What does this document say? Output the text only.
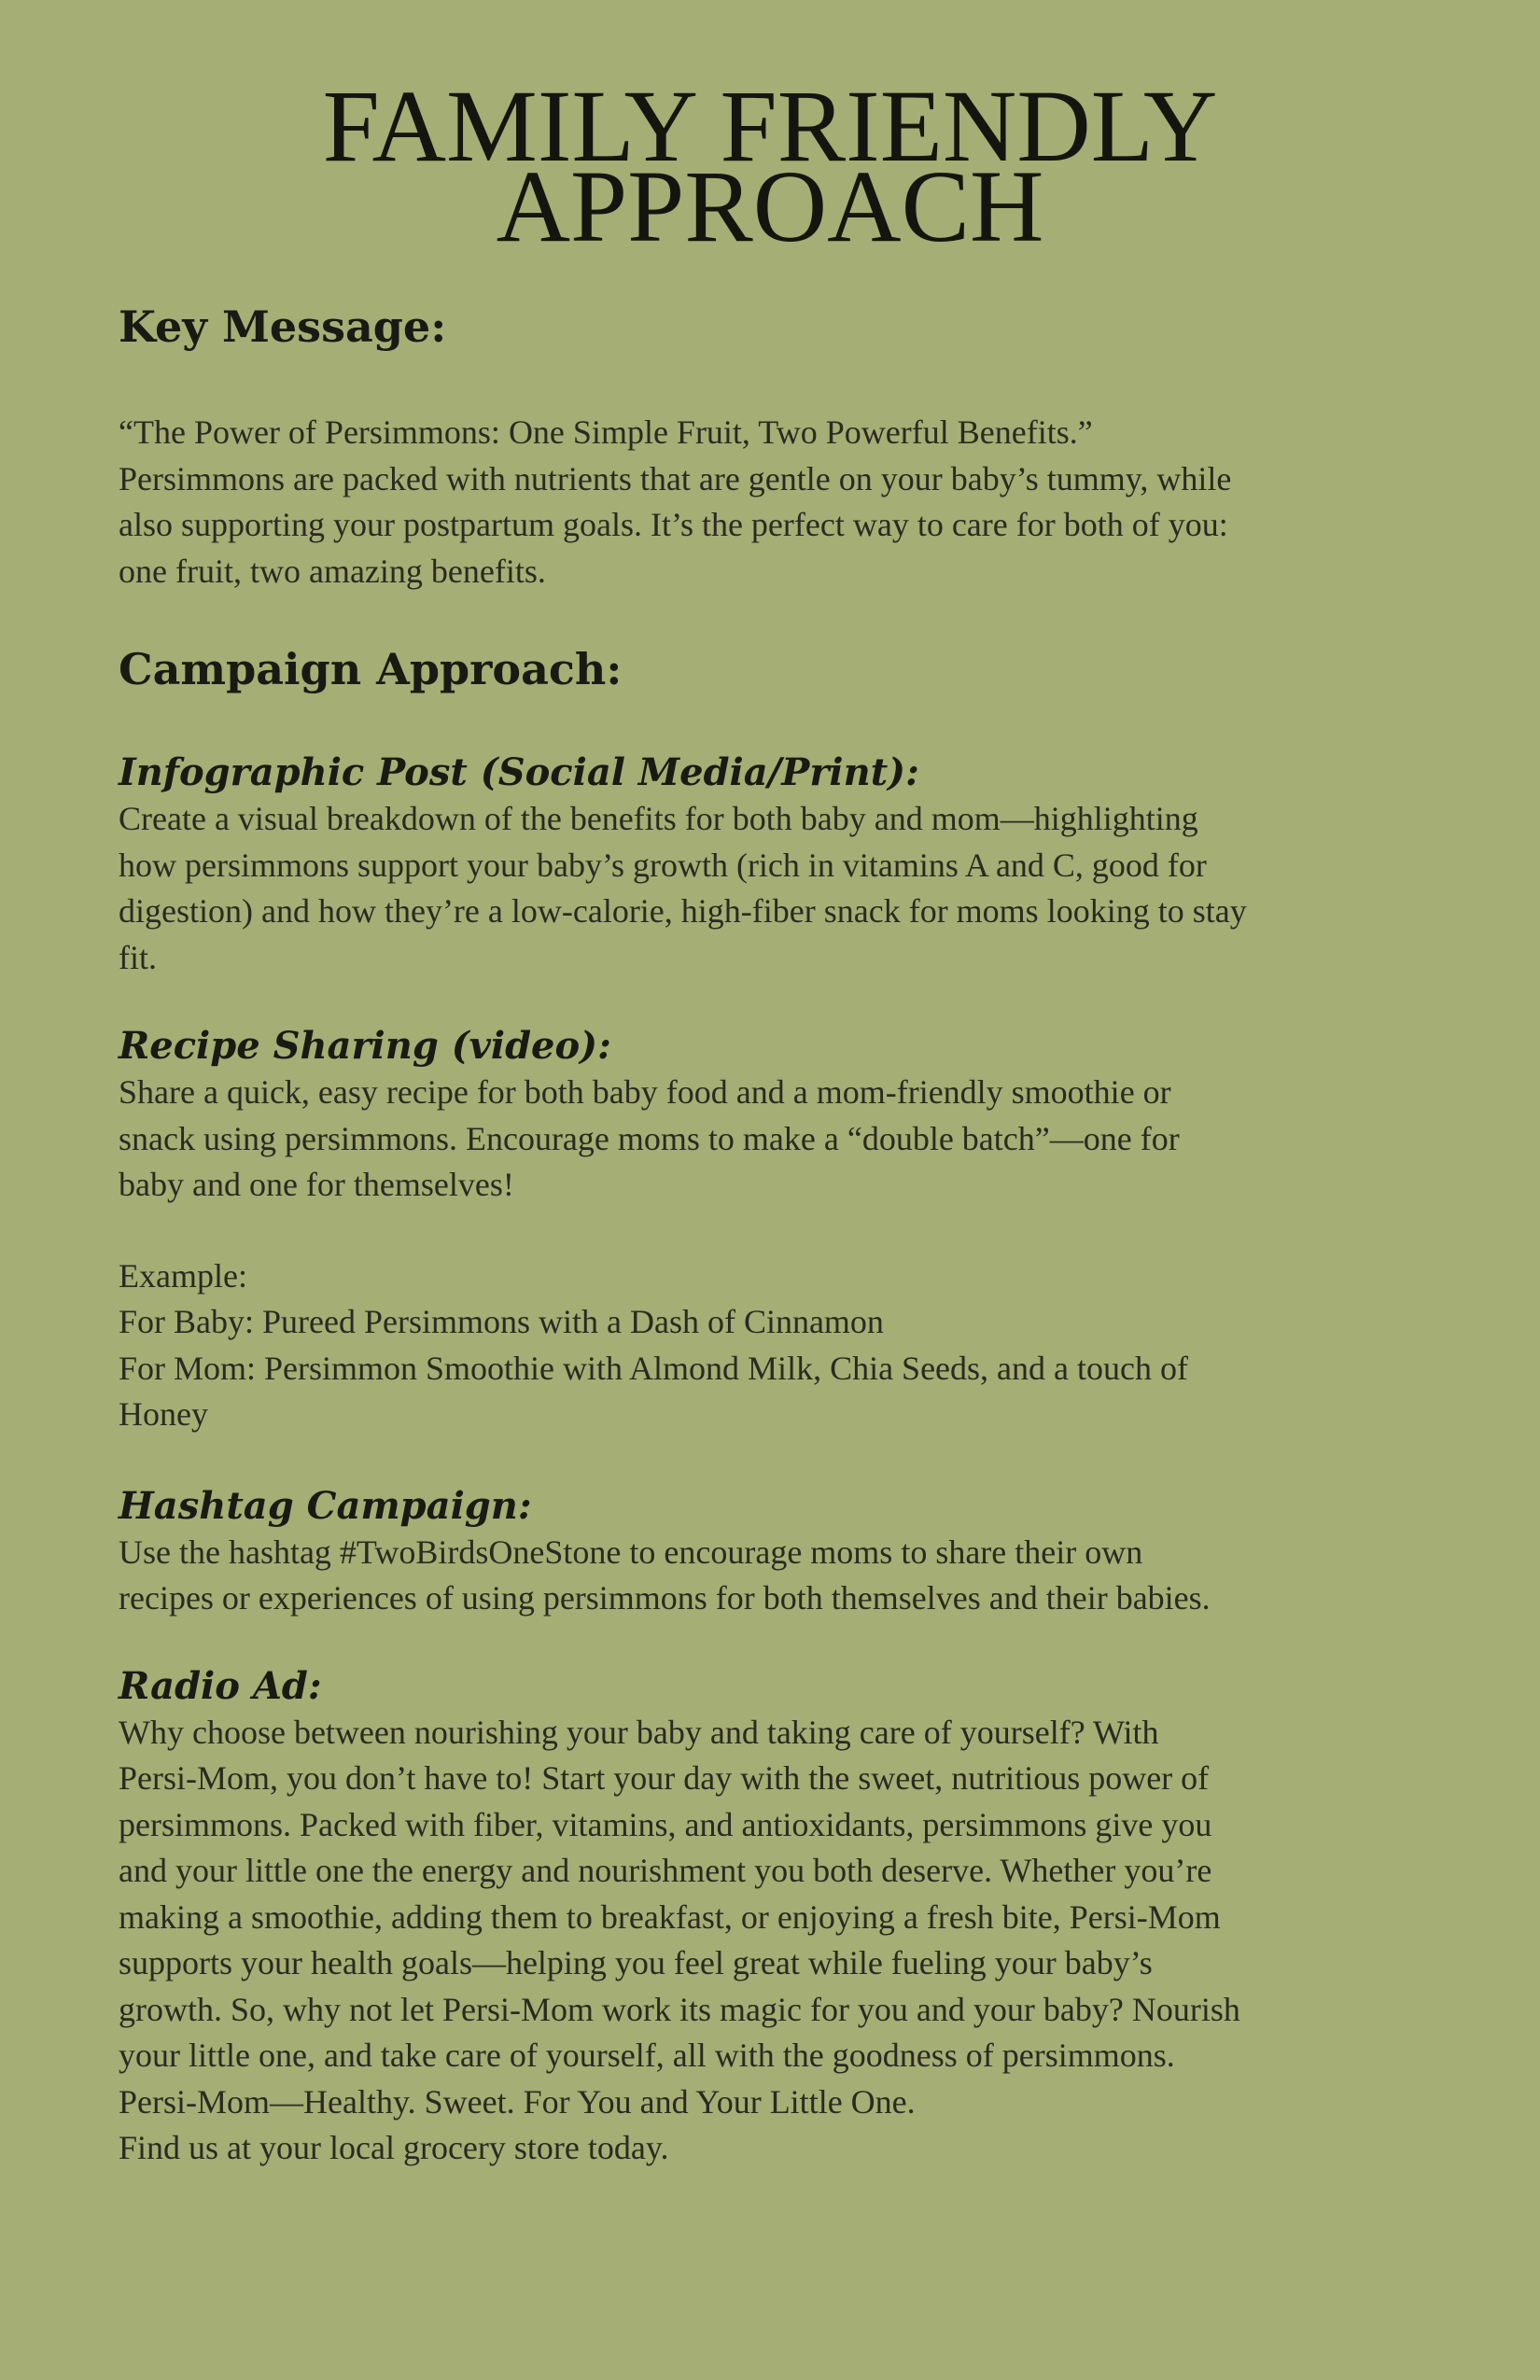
FAMILY FRIENDLY
APPROACH
Key Message:

“The Power of Persimmons: One Simple Fruit, Two Powerful Benefits.”
Persimmons are packed with nutrients that are gentle on your baby’s tummy, while
also supporting your postpartum goals. It’s the perfect way to care for both of you:
one fruit, two amazing benefits.

Campaign Approach:
Infographic Post (Social Media/Print):

Create a visual breakdown of the benefits for both baby and mom—highlighting
how persimmons support your baby’s growth (rich in vitamins A and C, good for
digestion) and how they’re a low-calorie, high-fiber snack for moms looking to stay
fit.

Recipe Sharing (video):

Share a quick, easy recipe for both baby food and a mom-friendly smoothie or
snack using persimmons. Encourage moms to make a “double batch”—one for
baby and one for themselves!

Example:
For Baby: Pureed Persimmons with a Dash of Cinnamon
For Mom: Persimmon Smoothie with Almond Milk, Chia Seeds, and a touch of
Honey

Hashtag Campaign:

Use the hashtag #TwoBirdsOneStone to encourage moms to share their own
recipes or experiences of using persimmons for both themselves and their babies.

Radio Ad:

Why choose between nourishing your baby and taking care of yourself? With
Persi-Mom, you don’t have to! Start your day with the sweet, nutritious power of
persimmons. Packed with fiber, vitamins, and antioxidants, persimmons give you
and your little one the energy and nourishment you both deserve. Whether you’re
making a smoothie, adding them to breakfast, or enjoying a fresh bite, Persi-Mom
supports your health goals—helping you feel great while fueling your baby’s
growth. So, why not let Persi-Mom work its magic for you and your baby? Nourish
your little one, and take care of yourself, all with the goodness of persimmons.
Persi-Mom—Healthy. Sweet. For You and Your Little One.
Find us at your local grocery store today.
